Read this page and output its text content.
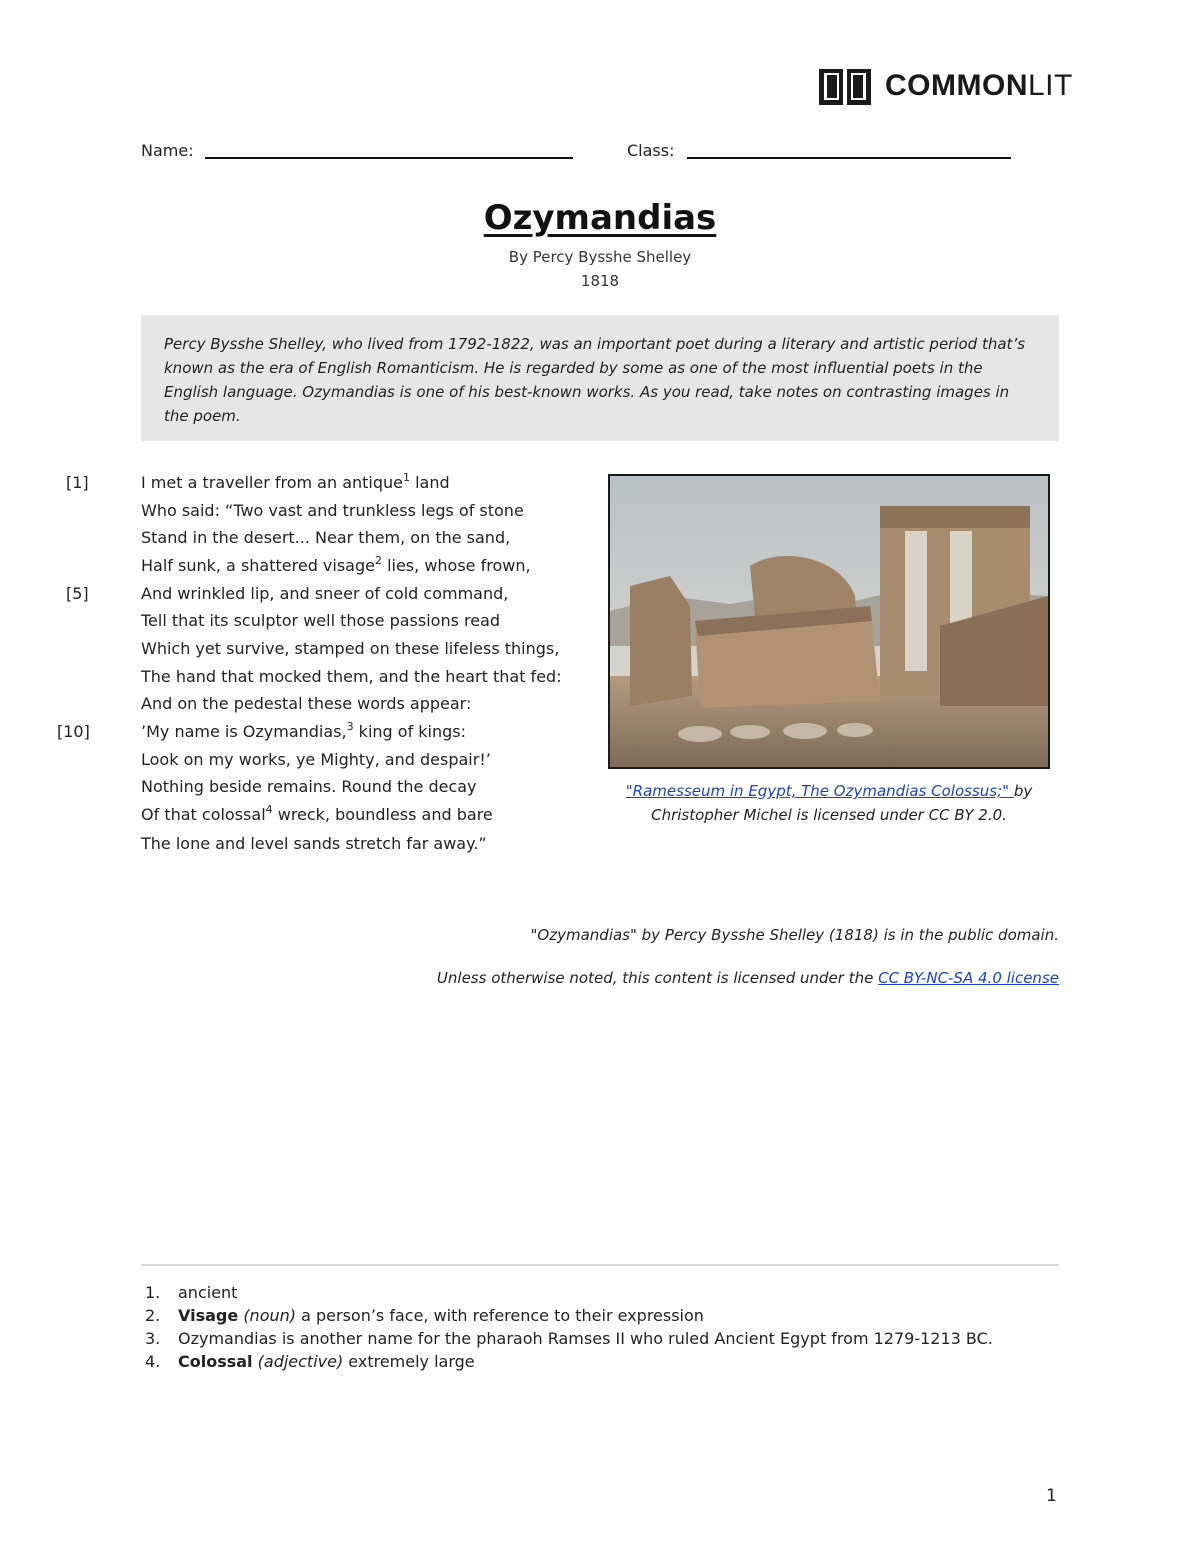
COMMONLIT
Name:	Class:
Ozymandias
By Percy Bysshe Shelley
1818

Percy Bysshe Shelley, who lived from 1792-1822, was an important poet during a literary and artistic period that’s known as the era of English Romanticism. He is regarded by some as one of the most influential poets in the English language. Ozymandias is one of his best-known works. As you read, take notes on contrasting images in the poem.

[1]
[5]
[10]
I met a traveller from an antique$^1$ land
Who said: “Two vast and trunkless legs of stone
Stand in the desert... Near them, on the sand,
Half sunk, a shattered visage$^2$ lies, whose frown,
And wrinkled lip, and sneer of cold command,
Tell that its sculptor well those passions read
Which yet survive, stamped on these lifeless things,
The hand that mocked them, and the heart that fed:
And on the pedestal these words appear:
’My name is Ozymandias,$^3$ king of kings:
Look on my works, ye Mighty, and despair!’
Nothing beside remains. Round the decay
Of that colossal$^4$ wreck, boundless and bare
The lone and level sands stretch far away.”
"Ramesseum in Egypt, The Ozymandias Colossus;" by
Christopher Michel is licensed under CC BY 2.0.
"Ozymandias" by Percy Bysshe Shelley (1818) is in the public domain.
Unless otherwise noted, this content is licensed under the CC BY-NC-SA 4.0 license
1. ancient
2. Visage (noun) a person’s face, with reference to their expression
3. Ozymandias is another name for the pharaoh Ramses II who ruled Ancient Egypt from 1279-1213 BC.
4. Colossal (adjective) extremely large
1
